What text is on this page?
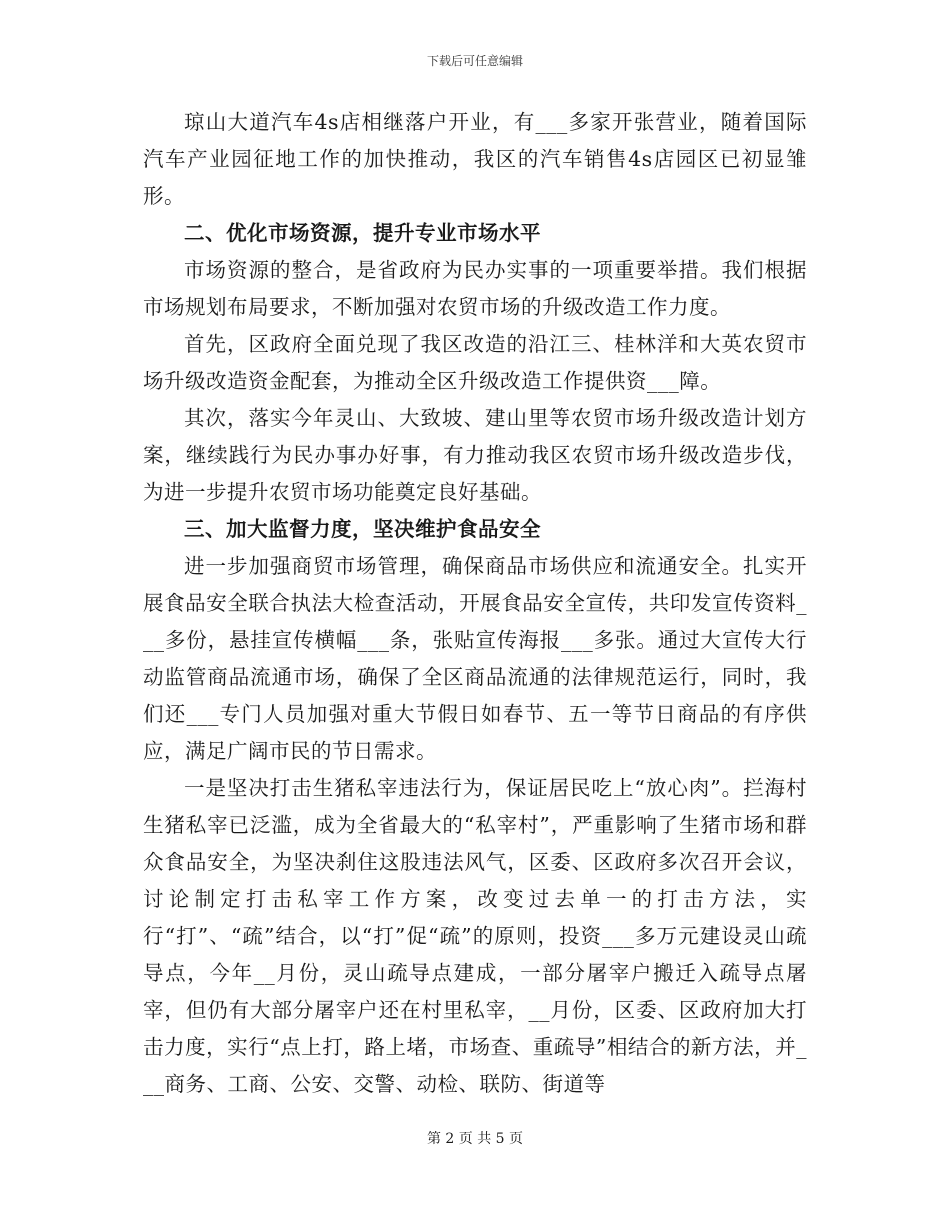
下载后可任意编辑

琼山大道汽车4s店相继落户开业，有___多家开张营业，随着国际汽车产业园征地工作的加快推动，我区的汽车销售4s店园区已初显雏形。

二、优化市场资源，提升专业市场水平

市场资源的整合，是省政府为民办实事的一项重要举措。我们根据市场规划布局要求，不断加强对农贸市场的升级改造工作力度。

首先，区政府全面兑现了我区改造的沿江三、桂林洋和大英农贸市场升级改造资金配套，为推动全区升级改造工作提供资___障。

其次，落实今年灵山、大致坡、建山里等农贸市场升级改造计划方案，继续践行为民办事办好事，有力推动我区农贸市场升级改造步伐，为进一步提升农贸市场功能奠定良好基础。

三、加大监督力度，坚决维护食品安全

进一步加强商贸市场管理，确保商品市场供应和流通安全。扎实开展食品安全联合执法大检查活动，开展食品安全宣传，共印发宣传资料___多份，悬挂宣传横幅___条，张贴宣传海报___多张。通过大宣传大行动监管商品流通市场，确保了全区商品流通的法律规范运行，同时，我们还___专门人员加强对重大节假日如春节、五一等节日商品的有序供应，满足广阔市民的节日需求。

一是坚决打击生猪私宰违法行为，保证居民吃上“放心肉”。拦海村生猪私宰已泛滥，成为全省最大的“私宰村”，严重影响了生猪市场和群众食品安全，为坚决刹住这股违法风气，区委、区政府多次召开会议，讨论制定打击私宰工作方案，改变过去单一的打击方法，实行“打”、“疏”结合，以“打”促“疏”的原则，投资___多万元建设灵山疏导点，今年__月份，灵山疏导点建成，一部分屠宰户搬迁入疏导点屠宰，但仍有大部分屠宰户还在村里私宰，__月份，区委、区政府加大打击力度，实行“点上打，路上堵，市场查、重疏导”相结合的新方法，并___商务、工商、公安、交警、动检、联防、街道等

第 2 页 共 5 页
